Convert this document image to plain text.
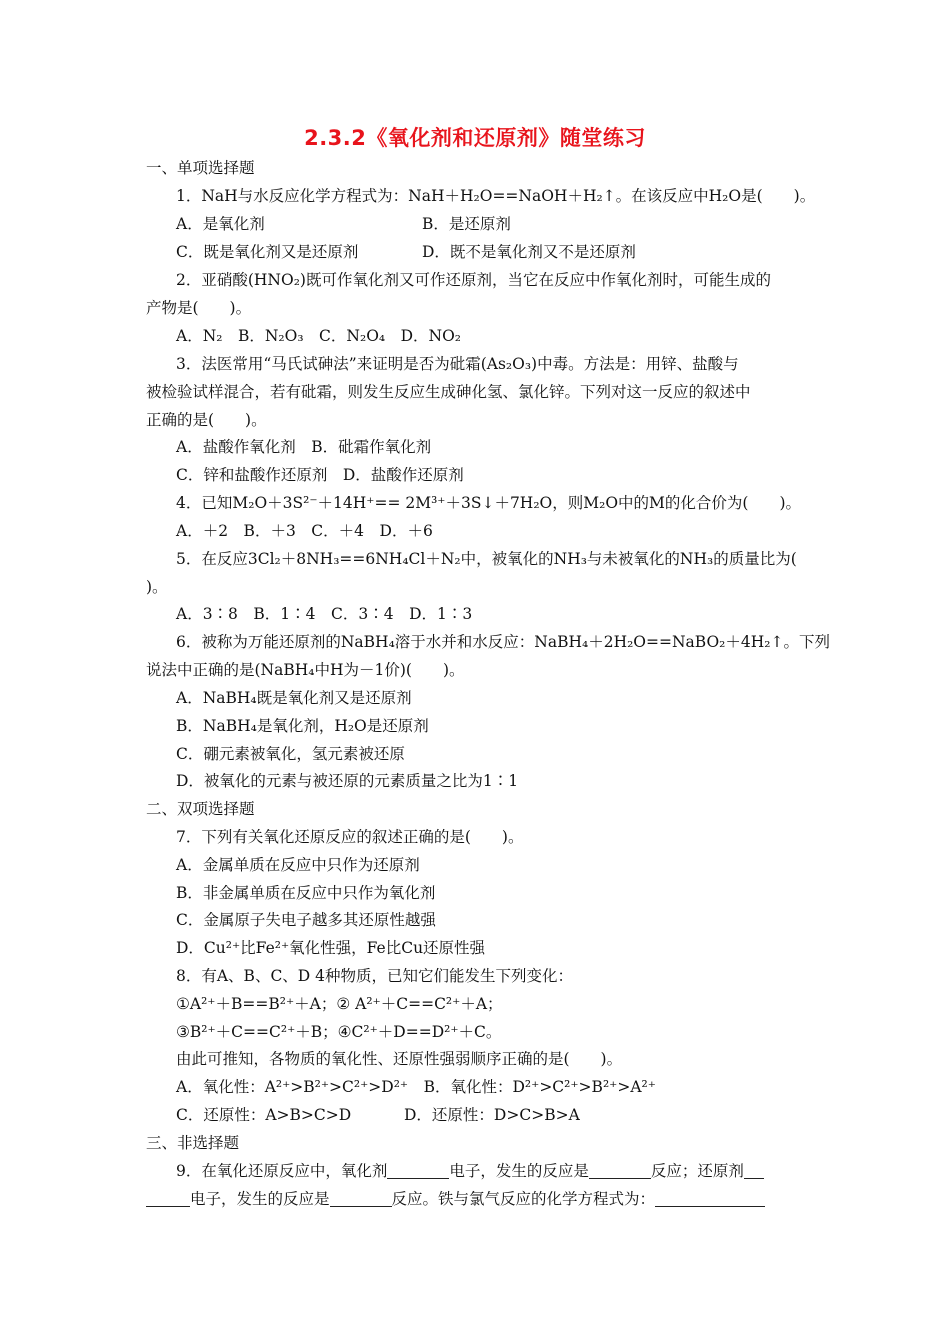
2.3.2《氧化剂和还原剂》随堂练习
一、单项选择题
1．NaH与水反应化学方程式为：NaH＋H₂O==NaOH＋H₂↑。在该反应中H₂O是(　　)。
A．是氧化剂	B．是还原剂
C．既是氧化剂又是还原剂	D．既不是氧化剂又不是还原剂
2．亚硝酸(HNO₂)既可作氧化剂又可作还原剂，当它在反应中作氧化剂时，可能生成的
产物是(　　)。
A．N₂　B．N₂O₃　C．N₂O₄　D．NO₂
3．法医常用“马氏试砷法”来证明是否为砒霜(As₂O₃)中毒。方法是：用锌、盐酸与
被检验试样混合，若有砒霜，则发生反应生成砷化氢、氯化锌。下列对这一反应的叙述中
正确的是(　　)。
A．盐酸作氧化剂　B．砒霜作氧化剂
C．锌和盐酸作还原剂　D．盐酸作还原剂
4．已知M₂O＋3S²⁻＋14H⁺== 2M³⁺＋3S↓＋7H₂O，则M₂O中的M的化合价为(　　)。
A．＋2　B．＋3　C．＋4　D．＋6
5．在反应3Cl₂＋8NH₃==6NH₄Cl＋N₂中，被氧化的NH₃与未被氧化的NH₃的质量比为(
)。
A．3∶8　B．1∶4　C．3∶4　D．1∶3
6．被称为万能还原剂的NaBH₄溶于水并和水反应：NaBH₄＋2H₂O==NaBO₂＋4H₂↑。下列
说法中正确的是(NaBH₄中H为－1价)(　　)。
A．NaBH₄既是氧化剂又是还原剂
B．NaBH₄是氧化剂，H₂O是还原剂
C．硼元素被氧化，氢元素被还原
D．被氧化的元素与被还原的元素质量之比为1∶1
二、双项选择题
7．下列有关氧化还原反应的叙述正确的是(　　)。
A．金属单质在反应中只作为还原剂
B．非金属单质在反应中只作为氧化剂
C．金属原子失电子越多其还原性越强
D．Cu²⁺比Fe²⁺氧化性强，Fe比Cu还原性强
8．有A、B、C、D 4种物质，已知它们能发生下列变化：
①A²⁺＋B==B²⁺＋A；② A²⁺＋C==C²⁺＋A；
③B²⁺＋C==C²⁺＋B；④C²⁺＋D==D²⁺＋C。
由此可推知，各物质的氧化性、还原性强弱顺序正确的是(　　)。
A．氧化性：A²⁺>B²⁺>C²⁺>D²⁺　B．氧化性：D²⁺>C²⁺>B²⁺>A²⁺
C．还原性：A>B>C>D	D．还原性：D>C>B>A
三、非选择题
9．在氧化还原反应中，氧化剂	电子，发生的反应是	反应；还原剂
电子，发生的反应是	反应。铁与氯气反应的化学方程式为：
